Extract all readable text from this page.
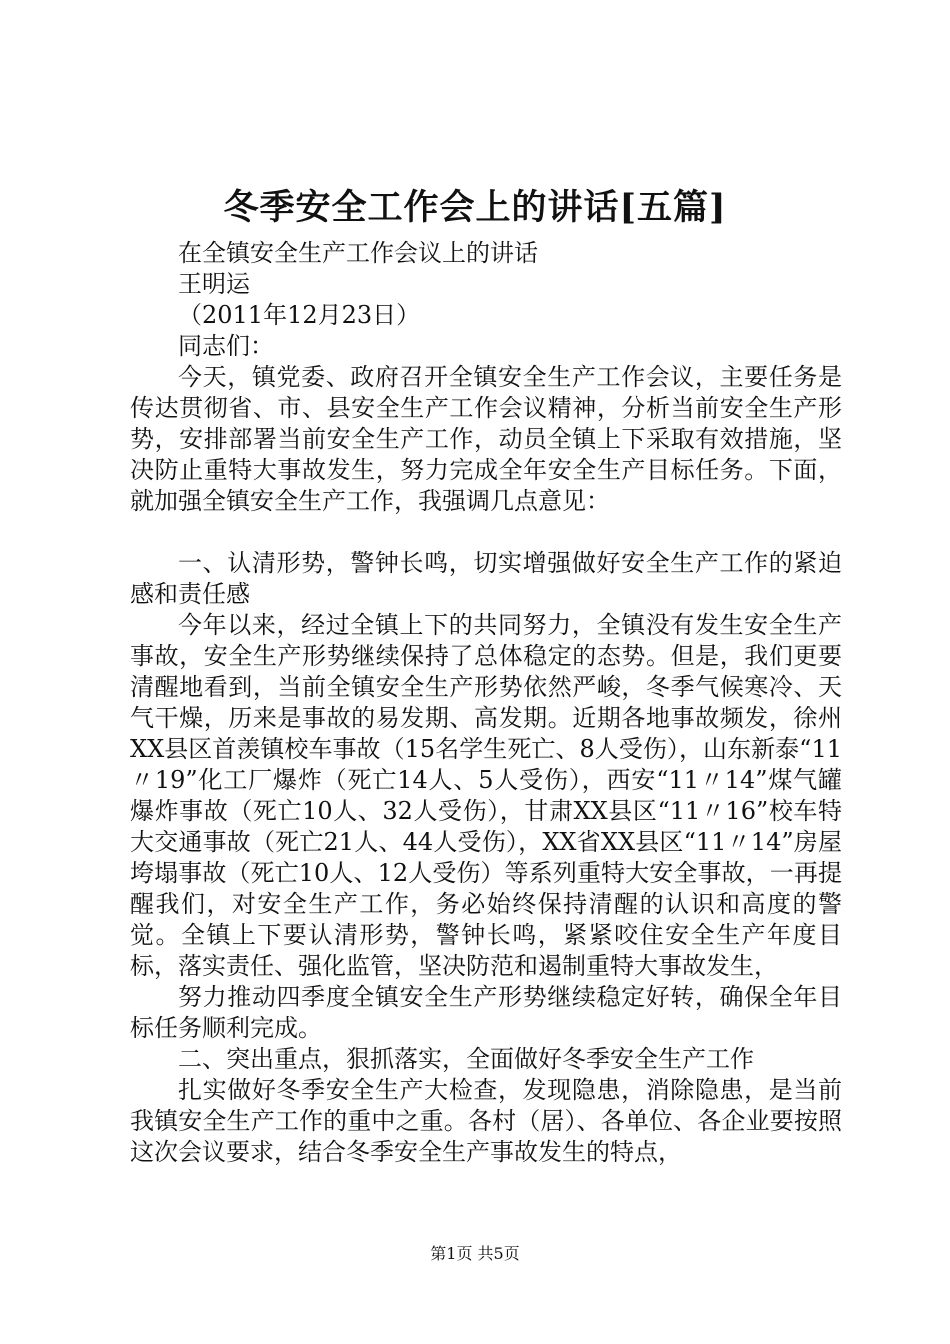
冬季安全工作会上的讲话[五篇]

在全镇安全生产工作会议上的讲话

王明运

（2011年12月23日）

同志们：

今天，镇党委、政府召开全镇安全生产工作会议，主要任务是传达贯彻省、市、县安全生产工作会议精神，分析当前安全生产形势，安排部署当前安全生产工作，动员全镇上下采取有效措施，坚决防止重特大事故发生，努力完成全年安全生产目标任务。下面，就加强全镇安全生产工作，我强调几点意见：

一、认清形势，警钟长鸣，切实增强做好安全生产工作的紧迫感和责任感

今年以来，经过全镇上下的共同努力，全镇没有发生安全生产事故，安全生产形势继续保持了总体稳定的态势。但是，我们更要清醒地看到，当前全镇安全生产形势依然严峻，冬季气候寒冷、天气干燥，历来是事故的易发期、高发期。近期各地事故频发，徐州XX县区首羡镇校车事故（15名学生死亡、8人受伤），山东新泰“11〃19”化工厂爆炸（死亡14人、5人受伤），西安“11〃14”煤气罐爆炸事故（死亡10人、32人受伤），甘肃XX县区“11〃16”校车特大交通事故（死亡21人、44人受伤），XX省XX县区“11〃14”房屋垮塌事故（死亡10人、12人受伤）等系列重特大安全事故，一再提醒我们，对安全生产工作，务必始终保持清醒的认识和高度的警觉。全镇上下要认清形势，警钟长鸣，紧紧咬住安全生产年度目标，落实责任、强化监管，坚决防范和遏制重特大事故发生，

努力推动四季度全镇安全生产形势继续稳定好转，确保全年目标任务顺利完成。

二、突出重点，狠抓落实，全面做好冬季安全生产工作

扎实做好冬季安全生产大检查，发现隐患，消除隐患，是当前我镇安全生产工作的重中之重。各村（居）、各单位、各企业要按照这次会议要求，结合冬季安全生产事故发生的特点，

第1页 共5页
